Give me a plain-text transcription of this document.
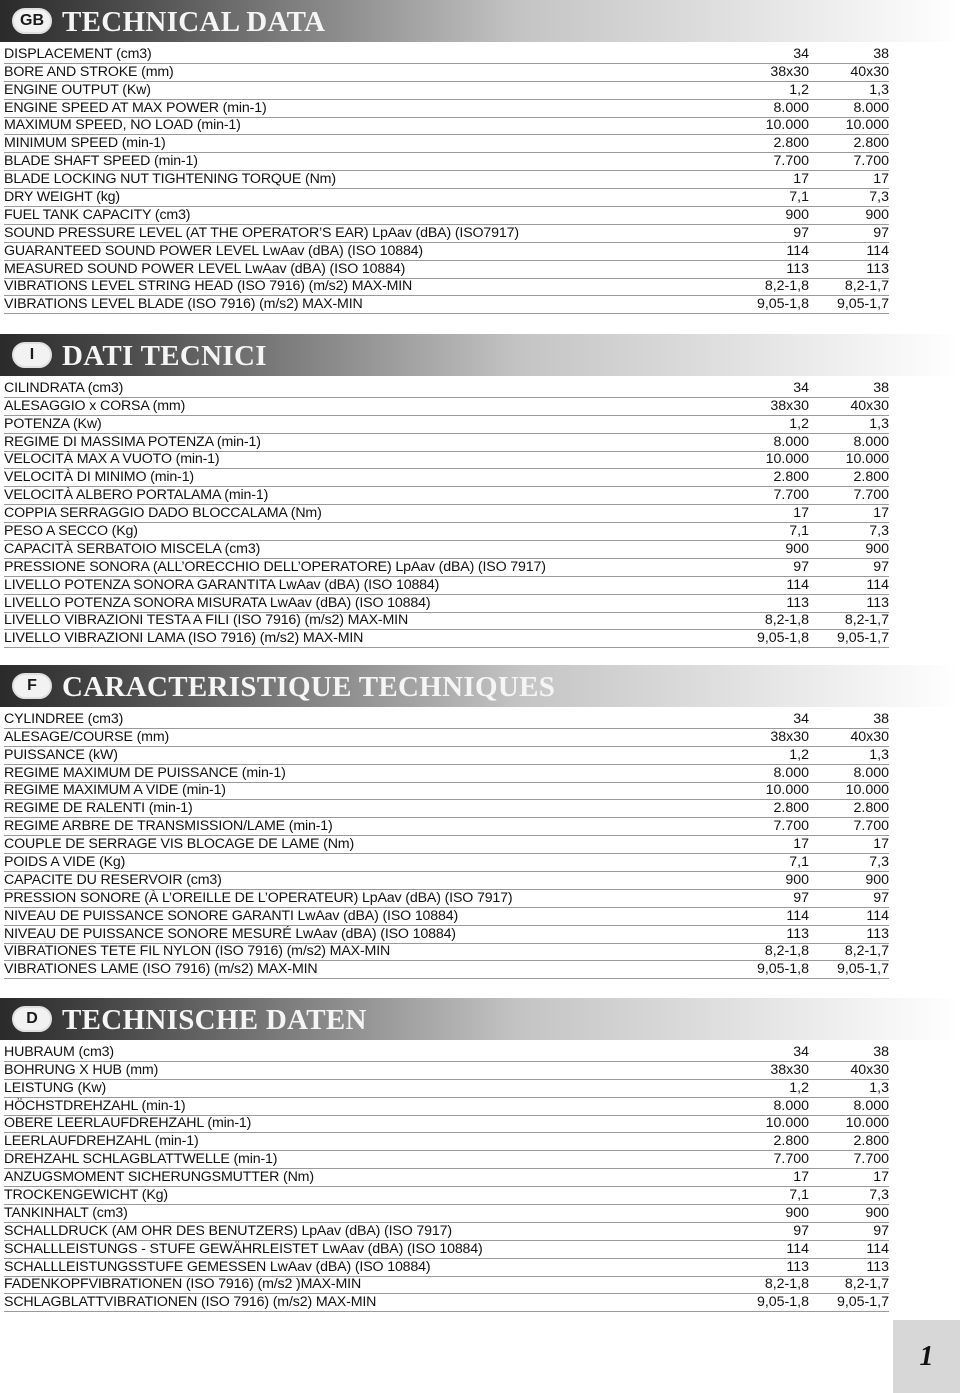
GB TECHNICAL DATA
DISPLACEMENT (cm3)	34	38
BORE AND STROKE (mm)	38x30	40x30
ENGINE OUTPUT (Kw)	1,2	1,3
ENGINE SPEED AT MAX POWER (min-1)	8.000	8.000
MAXIMUM SPEED, NO LOAD (min-1)	10.000	10.000
MINIMUM SPEED (min-1)	2.800	2.800
BLADE SHAFT SPEED (min-1)	7.700	7.700
BLADE LOCKING NUT TIGHTENING TORQUE (Nm)	17	17
DRY WEIGHT (kg)	7,1	7,3
FUEL TANK CAPACITY (cm3)	900	900
SOUND PRESSURE LEVEL (AT THE OPERATOR’S EAR) LpAav (dBA) (ISO7917)	97	97
GUARANTEED SOUND POWER LEVEL LwAav (dBA) (ISO 10884)	114	114
MEASURED SOUND POWER LEVEL LwAav (dBA) (ISO 10884)	113	113
VIBRATIONS LEVEL STRING HEAD (ISO 7916) (m/s2) MAX-MIN	8,2-1,8	8,2-1,7
VIBRATIONS LEVEL BLADE (ISO 7916) (m/s2) MAX-MIN	9,05-1,8	9,05-1,7
I DATI TECNICI
CILINDRATA (cm3)	34	38
ALESAGGIO x CORSA (mm)	38x30	40x30
POTENZA (Kw)	1,2	1,3
REGIME DI MASSIMA POTENZA (min-1)	8.000	8.000
VELOCITÀ MAX A VUOTO (min-1)	10.000	10.000
VELOCITÀ DI MINIMO (min-1)	2.800	2.800
VELOCITÀ ALBERO PORTALAMA (min-1)	7.700	7.700
COPPIA SERRAGGIO DADO BLOCCALAMA (Nm)	17	17
PESO A SECCO (Kg)	7,1	7,3
CAPACITÀ SERBATOIO MISCELA (cm3)	900	900
PRESSIONE SONORA (ALL’ORECCHIO DELL’OPERATORE) LpAav (dBA) (ISO 7917)	97	97
LIVELLO POTENZA SONORA GARANTITA LwAav (dBA) (ISO 10884)	114	114
LIVELLO POTENZA SONORA MISURATA LwAav (dBA) (ISO 10884)	113	113
LIVELLO VIBRAZIONI TESTA A FILI (ISO 7916) (m/s2) MAX-MIN	8,2-1,8	8,2-1,7
LIVELLO VIBRAZIONI LAMA (ISO 7916) (m/s2) MAX-MIN	9,05-1,8	9,05-1,7
F CARACTERISTIQUE TECHNIQUES
CYLINDREE (cm3)	34	38
ALESAGE/COURSE (mm)	38x30	40x30
PUISSANCE (kW)	1,2	1,3
REGIME MAXIMUM DE PUISSANCE (min-1)	8.000	8.000
REGIME MAXIMUM A VIDE (min-1)	10.000	10.000
REGIME DE RALENTI (min-1)	2.800	2.800
REGIME ARBRE DE TRANSMISSION/LAME (min-1)	7.700	7.700
COUPLE DE SERRAGE VIS BLOCAGE DE LAME (Nm)	17	17
POIDS A VIDE (Kg)	7,1	7,3
CAPACITE DU RESERVOIR (cm3)	900	900
PRESSION SONORE (À L’OREILLE DE L’OPERATEUR) LpAav (dBA) (ISO 7917)	97	97
NIVEAU DE PUISSANCE SONORE GARANTI LwAav (dBA) (ISO 10884)	114	114
NIVEAU DE PUISSANCE SONORE MESURÉ LwAav (dBA) (ISO 10884)	113	113
VIBRATIONES TETE FIL NYLON (ISO 7916) (m/s2) MAX-MIN	8,2-1,8	8,2-1,7
VIBRATIONES LAME (ISO 7916) (m/s2) MAX-MIN	9,05-1,8	9,05-1,7
D TECHNISCHE DATEN
HUBRAUM (cm3)	34	38
BOHRUNG X HUB (mm)	38x30	40x30
LEISTUNG (Kw)	1,2	1,3
HÖCHSTDREHZAHL (min-1)	8.000	8.000
OBERE LEERLAUFDREHZAHL (min-1)	10.000	10.000
LEERLAUFDREHZAHL (min-1)	2.800	2.800
DREHZAHL SCHLAGBLATTWELLE (min-1)	7.700	7.700
ANZUGSMOMENT SICHERUNGSMUTTER (Nm)	17	17
TROCKENGEWICHT (Kg)	7,1	7,3
TANKINHALT (cm3)	900	900
SCHALLDRUCK (AM OHR DES BENUTZERS) LpAav (dBA) (ISO 7917)	97	97
SCHALLLEISTUNGS - STUFE GEWÄHRLEISTET LwAav (dBA) (ISO 10884)	114	114
SCHALLLEISTUNGSSTUFE GEMESSEN LwAav (dBA) (ISO 10884)	113	113
FADENKOPFVIBRATIONEN (ISO 7916) (m/s2 )MAX-MIN	8,2-1,8	8,2-1,7
SCHLAGBLATTVIBRATIONEN (ISO 7916) (m/s2) MAX-MIN	9,05-1,8	9,05-1,7
1
